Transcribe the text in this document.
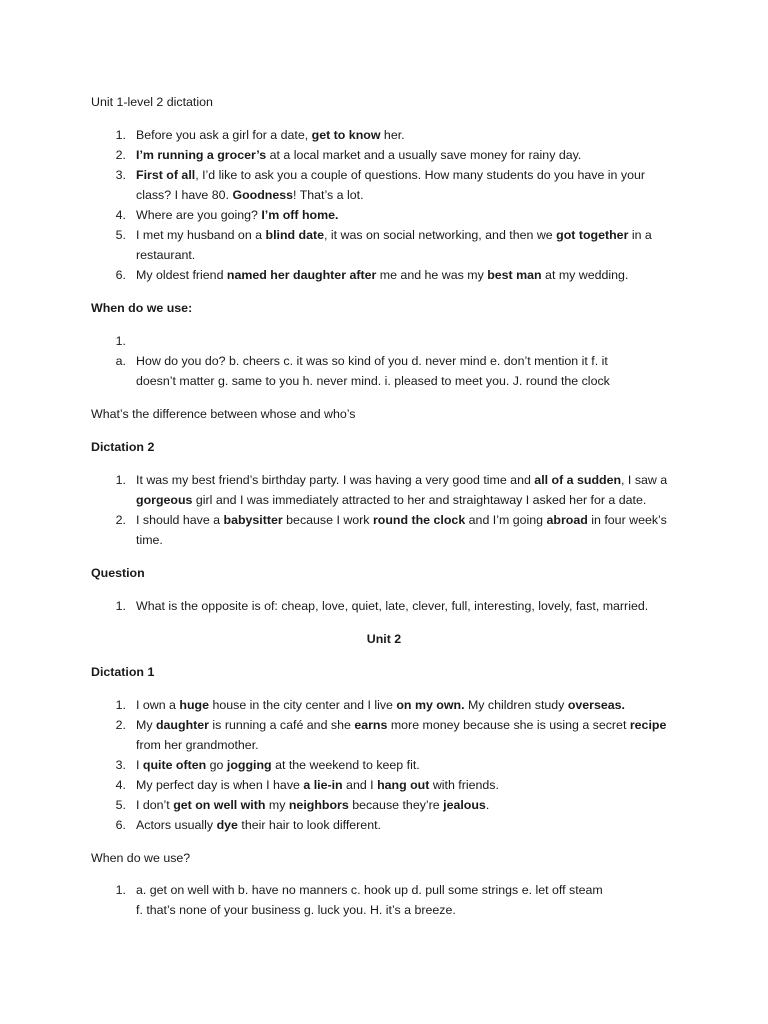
Unit 1-level 2 dictation
1. Before you ask a girl for a date, get to know her.
2. I’m running a grocer’s at a local market and a usually save money for rainy day.
3. First of all, I’d like to ask you a couple of questions. How many students do you have in your
class? I have 80. Goodness! That’s a lot.
4. Where are you going? I’m off home.
5. I met my husband on a blind date, it was on social networking, and then we got together in a
restaurant.
6. My oldest friend named her daughter after me and he was my best man at my wedding.
When do we use:
1.
a. How do you do? b. cheers c. it was so kind of you d. never mind e. don’t mention it f. it
doesn’t matter g. same to you h. never mind. i. pleased to meet you. J. round the clock
What’s the difference between whose and who’s
Dictation 2
1. It was my best friend’s birthday party. I was having a very good time and all of a sudden, I saw a
gorgeous girl and I was immediately attracted to her and straightaway I asked her for a date.
2. I should have a babysitter because I work round the clock and I’m going abroad in four week’s
time.
Question
1. What is the opposite is of: cheap, love, quiet, late, clever, full, interesting, lovely, fast, married.
Unit 2
Dictation 1
1. I own a huge house in the city center and I live on my own. My children study overseas.
2. My daughter is running a café and she earns more money because she is using a secret recipe
from her grandmother.
3. I quite often go jogging at the weekend to keep fit.
4. My perfect day is when I have a lie-in and I hang out with friends.
5. I don’t get on well with my neighbors because they’re jealous.
6. Actors usually dye their hair to look different.
When do we use?
1. a. get on well with b. have no manners c. hook up d. pull some strings e. let off steam
f. that’s none of your business g. luck you. H. it’s a breeze.
